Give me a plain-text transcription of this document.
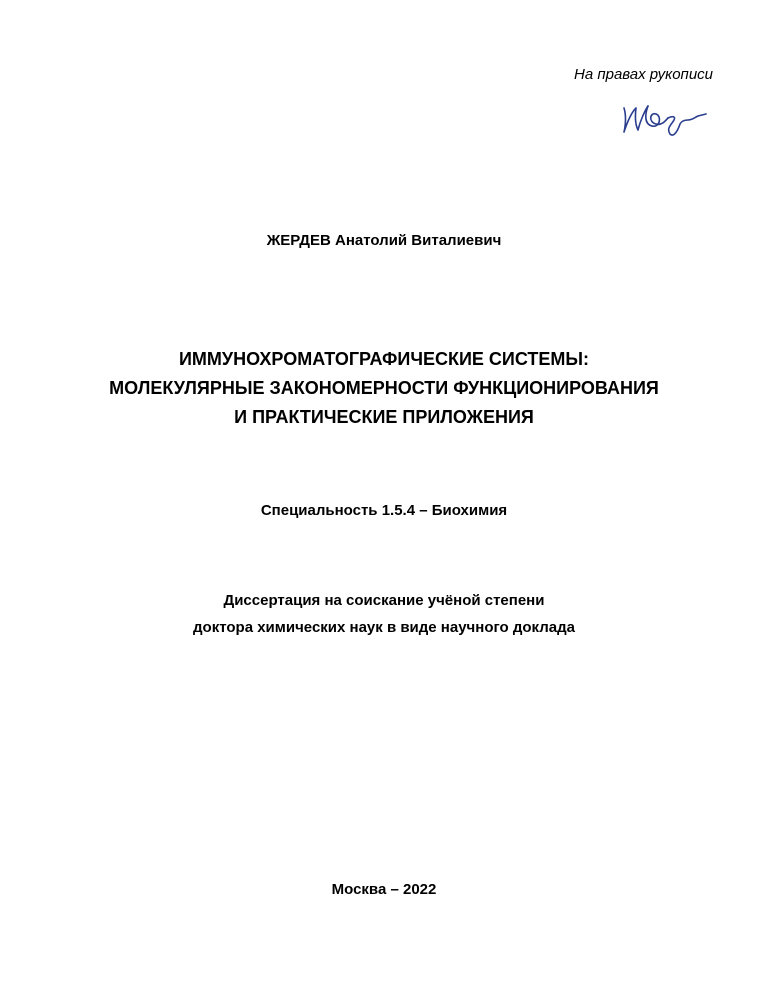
На правах рукописи
ЖЕРДЕВ Анатолий Виталиевич
ИММУНОХРОМАТОГРАФИЧЕСКИЕ СИСТЕМЫ:
МОЛЕКУЛЯРНЫЕ ЗАКОНОМЕРНОСТИ ФУНКЦИОНИРОВАНИЯ
И ПРАКТИЧЕСКИЕ ПРИЛОЖЕНИЯ
Специальность 1.5.4 – Биохимия
Диссертация на соискание учёной степени
доктора химических наук в виде научного доклада
Москва – 2022
